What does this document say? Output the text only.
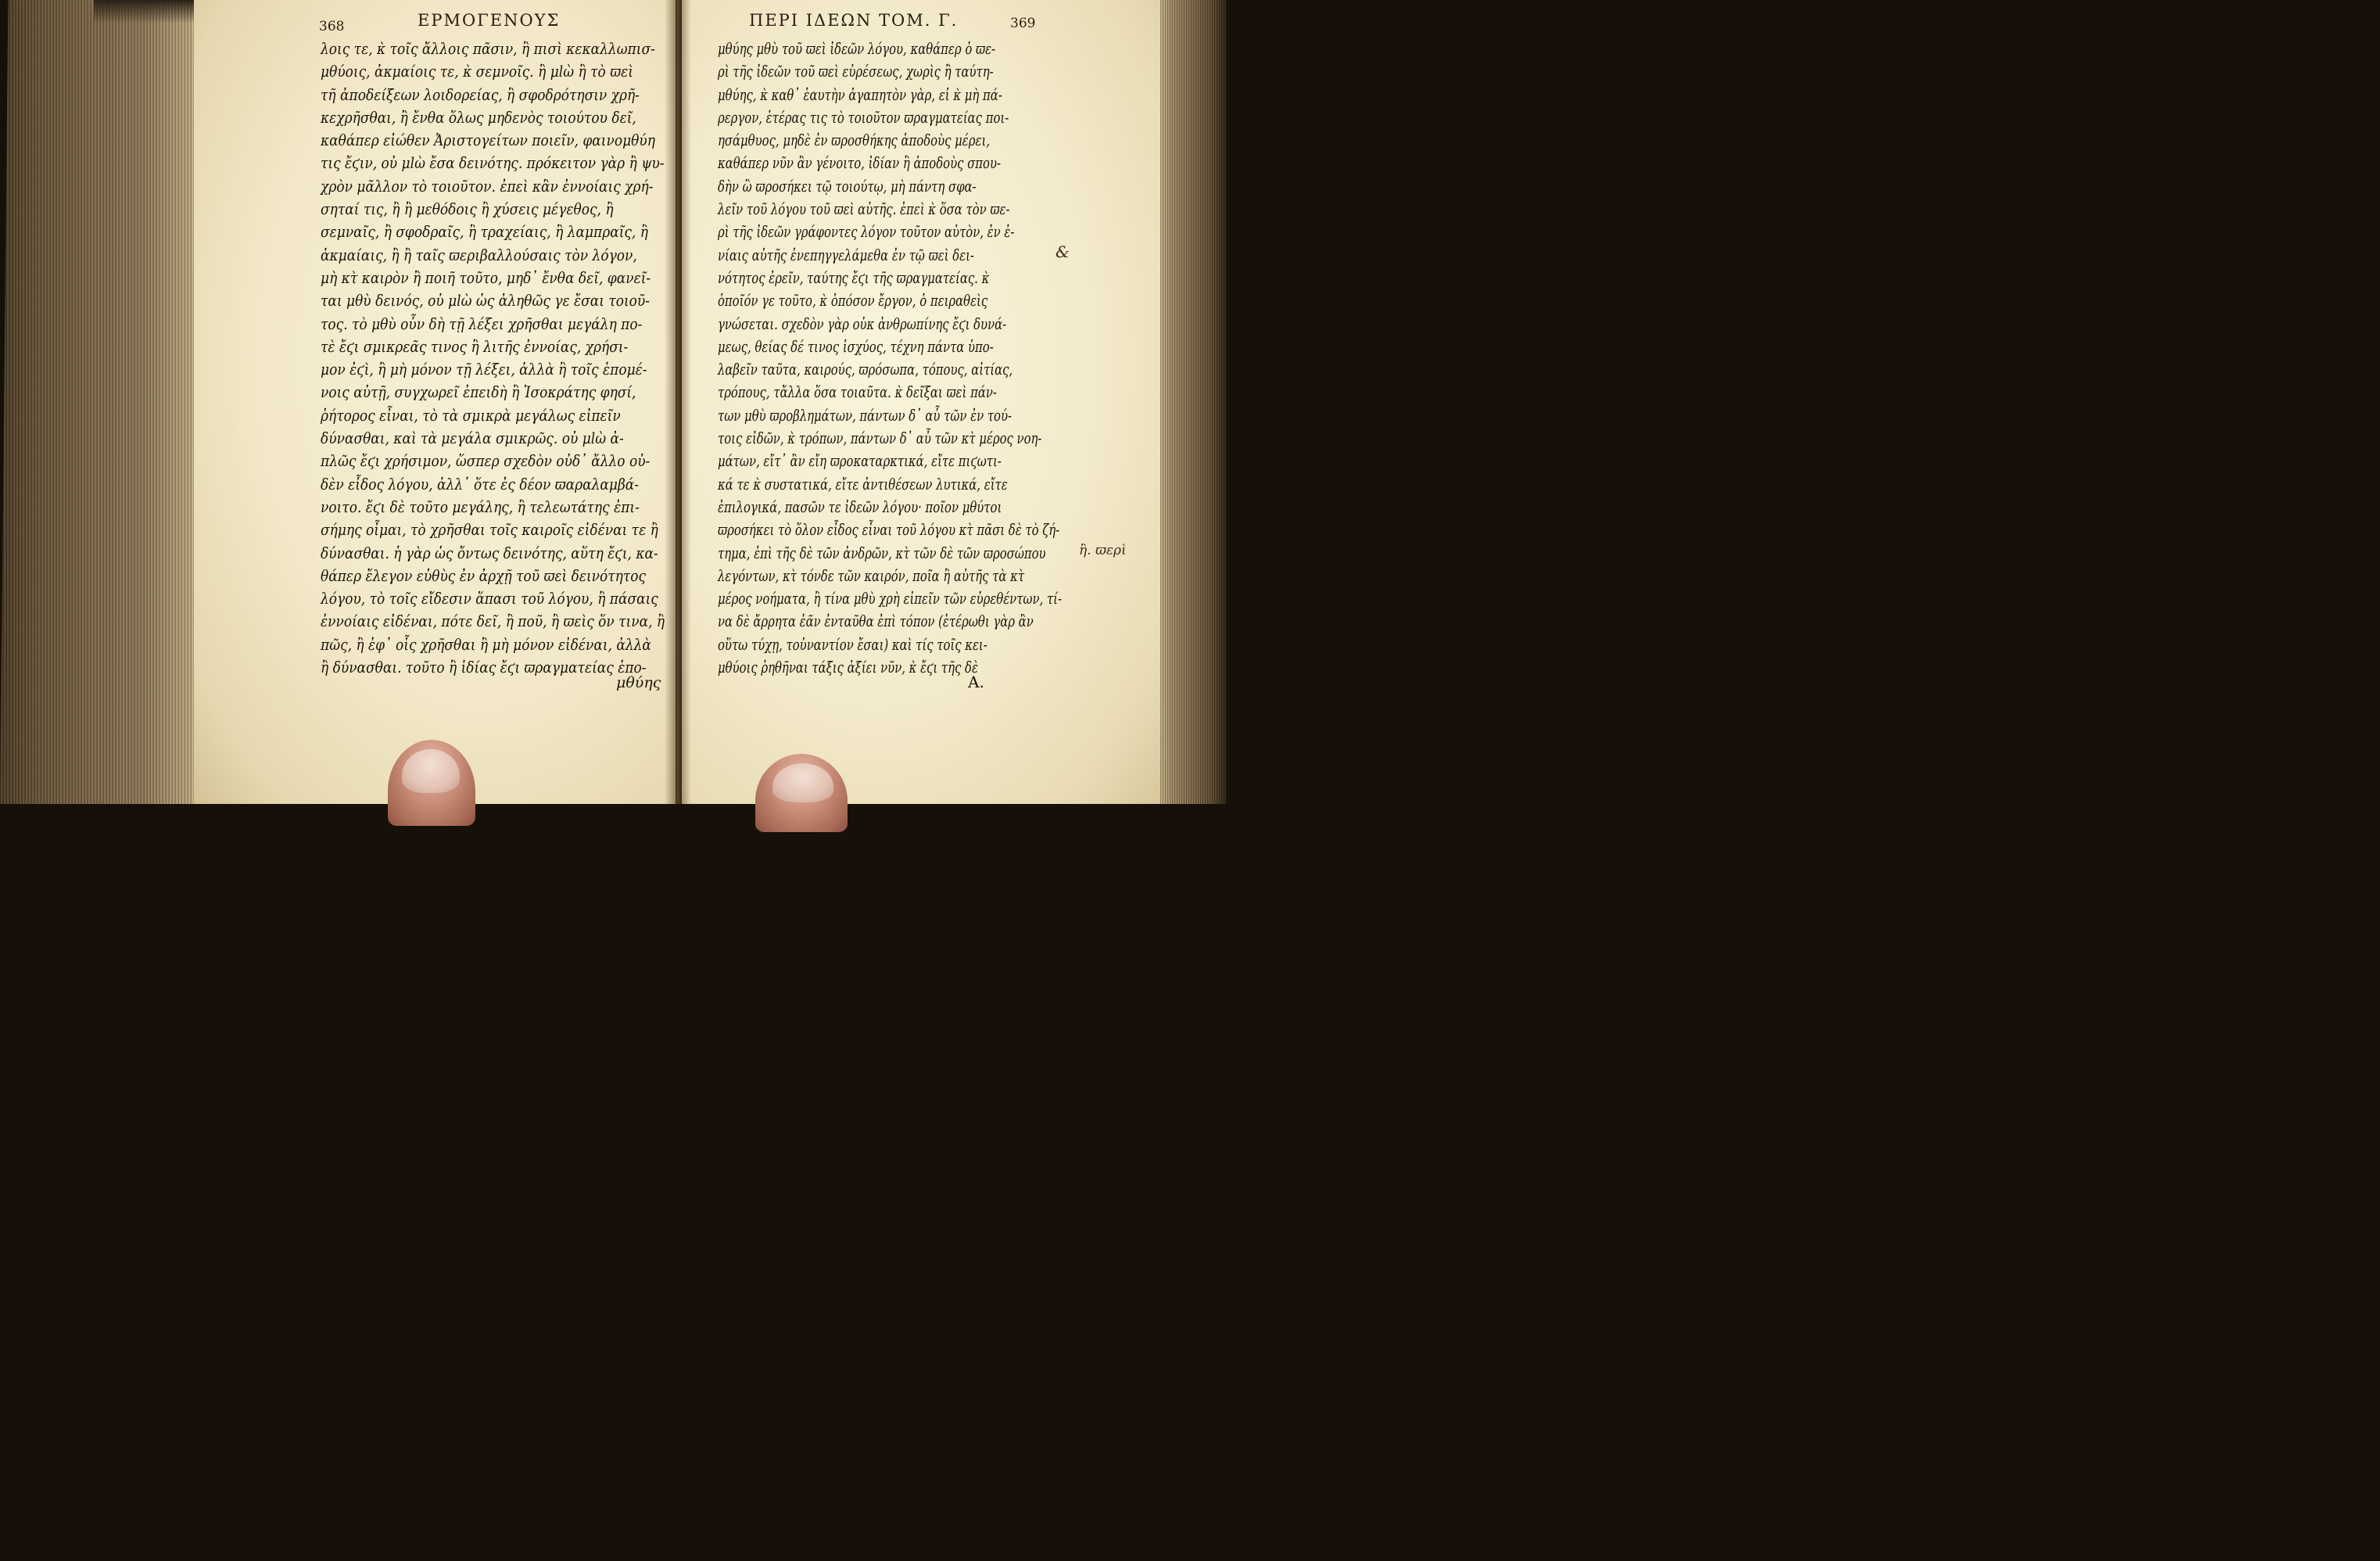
368	ΕΡΜΟΓΕΝΟΥΣ
λοις τε, κ̀ τοῖς ἄλλοις πᾶσιν, ἢ πισὶ κεκαλλωπισ-
μθύοις, ἀκμαίοις τε, κ̀ σεμνοῖς. ἢ μlὼ ἢ τὸ ϖεὶ
τῆ ἀποδείξεων λοιδορείας, ἢ σφοδρότησιν χρῆ-
κεχρῆσθαι, ἢ ἔνθα ὅλως μηδενὸς τοιούτου δεῖ,
καθάπερ εἰώθεν Ἀριστογείτων ποιεῖν, φαινομθύη
τις ἔϛιν, οὐ μlὼ ἔσα δεινότης. πρόκειτον γὰρ ἢ ψυ-
χρὸν μᾶλλον τὸ τοιοῦτον. ἐπεὶ κἂν ἐννοίαις χρή-
σηταί τις, ἢ ἢ μεθόδοις ἢ χύσεις μέγεθος, ἢ
σεμναῖς, ἢ σφοδραῖς, ἢ τραχείαις, ἢ λαμπραῖς, ἢ
ἀκμαίαις, ἢ ἢ ταῖς ϖεριβαλλούσαις τὸν λόγον,
μὴ κτ̀ καιρὸν ἢ ποιῆ τοῦτο, μηδ᾽ ἔνθα δεῖ, φανεῖ-
ται μθὺ δεινός, οὐ μlὼ ὡς ἀληθῶς γε ἔσαι τοιοῦ-
τος. τὸ μθὺ οὖν δὴ τῇ λέξει χρῆσθαι μεγάλη πο-
τὲ ἔϛι σμικρεᾶς τινος ἢ λιτῆς ἐννοίας, χρήσι-
μον ἐϛὶ, ἢ μὴ μόνον τῇ λέξει, ἀλλὰ ἢ τοῖς ἑπομέ-
νοις αὐτῇ, συγχωρεῖ ἐπειδὴ ἢ Ἰσοκράτης φησί,
ῥήτορος εἶναι, τὸ τὰ σμικρὰ μεγάλως εἰπεῖν
δύνασθαι, καὶ τὰ μεγάλα σμικρῶς. οὐ μlὼ ἀ-
πλῶς ἔϛι χρήσιμον, ὥσπερ σχεδὸν οὐδ᾽ ἄλλο οὐ-
δὲν εἶδος λόγου, ἀλλ᾽ ὅτε ἐς δέον ϖαραλαμβά-
νοιτο. ἔϛι δὲ τοῦτο μεγάλης, ἢ τελεωτάτης ἐπι-
σήμης οἶμαι, τὸ χρῆσθαι τοῖς καιροῖς εἰδέναι τε ἢ
δύνασθαι. ἡ γὰρ ὡς ὄντως δεινότης, αὕτη ἔϛι, κα-
θάπερ ἔλεγον εὐθὺς ἐν ἀρχῇ τοῦ ϖεὶ δεινότητος
λόγου, τὸ τοῖς εἴδεσιν ἅπασι τοῦ λόγου, ἢ πάσαις
ἐννοίαις εἰδέναι, πότε δεῖ, ἢ ποῦ, ἢ ϖεὶς ὅν τινα, ἢ
πῶς, ἢ ἐφ᾽ οἷς χρῆσθαι ἢ μὴ μόνον εἰδέναι, ἀλλὰ
ἢ δύνασθαι. τοῦτο ἢ ἰδίας ἔϛι ϖραγματείας ἑπο-
μθύης
ΠΕΡΙ ΙΔΕΩΝ ΤΟΜ. Γ.	369
μθύης μθὺ τοῦ ϖεὶ ἰδεῶν λόγου, καθάπερ ὁ ϖε-
ρὶ τῆς ἰδεῶν τοῦ ϖεὶ εὑρέσεως, χωρὶς ἢ ταύτη-
μθύης, κ̀ καθ᾽ ἑαυτὴν ἀγαπητὸν γὰρ, εἰ κ̀ μὴ πά-
ρεργον, ἑτέρας τις τὸ τοιοῦτον ϖραγματείας ποι-
ησάμθυος, μηδὲ ἐν ϖροσθήκης ἀποδοὺς μέρει,
καθάπερ νῦν ἂν γένοιτο, ἰδίαν ἢ ἀποδοὺς σπου-
δὴν ὣ ϖροσήκει τῷ τοιούτῳ, μὴ πάντη σφα-
λεῖν τοῦ λόγου τοῦ ϖεὶ αὐτῆς. ἐπεὶ κ̀ ὅσα τὸν ϖε-
ρὶ τῆς ἰδεῶν γράφοντες λόγον τοῦτον αὐτὸν, ἐν ἐ-
νίαις αὐτῆς ἐνεπηγγελάμεθα ἐν τῷ ϖεὶ δει-
νότητος ἐρεῖν, ταύτης ἔϛι τῆς ϖραγματείας. κ̀
ὁποῖόν γε τοῦτο, κ̀ ὁπόσον ἔργον, ὁ πειραθεὶς
γνώσεται. σχεδὸν γὰρ οὐκ ἀνθρωπίνης ἔϛι δυνά-
μεως, θείας δέ τινος ἰσχύος, τέχνη πάντα ὑπο-
λαβεῖν ταῦτα, καιρούς, ϖρόσωπα, τόπους, αἰτίας,
τρόπους, τἄλλα ὅσα τοιαῦτα. κ̀ δεῖξαι ϖεὶ πάν-
των μθὺ ϖροβλημάτων, πάντων δ᾽ αὖ τῶν ἐν τού-
τοις εἰδῶν, κ̀ τρόπων, πάντων δ᾽ αὖ τῶν κτ̀ μέρος νοη-
μάτων, εἴτ᾽ ἂν εἴη ϖροκαταρκτικά, εἴτε πιϛωτι-
κά τε κ̀ συστατικά, εἴτε ἀντιθέσεων λυτικά, εἴτε
ἐπιλογικά, πασῶν τε ἰδεῶν λόγου· ποῖον μθύτοι
ϖροσήκει τὸ ὅλον εἶδος εἶναι τοῦ λόγου κτ̀ πᾶσι δὲ τὸ ζή-
τημα, ἐπὶ τῆς δὲ τῶν ἀνδρῶν, κτ̀ τῶν δὲ τῶν ϖροσώπου
λεγόντων, κτ̀ τόνδε τῶν καιρόν, ποῖα ἢ αὐτῆς τὰ κτ̀
μέρος νοήματα, ἢ τίνα μθὺ χρὴ εἰπεῖν τῶν εὑρεθέντων, τί-
να δὲ ἄρρητα ἐᾶν ἐνταῦθα ἐπὶ τόπον (ἑτέρωθι γὰρ ἂν
οὕτω τύχῃ, τοὐναντίον ἔσαι) καὶ τίς τοῖς κει-
μθύοις ῥηθῆναι τάξις ἀξίει νῦν, κ̀ ἔϛι τῆς δὲ
A.
&
ἢ. ϖερὶ
